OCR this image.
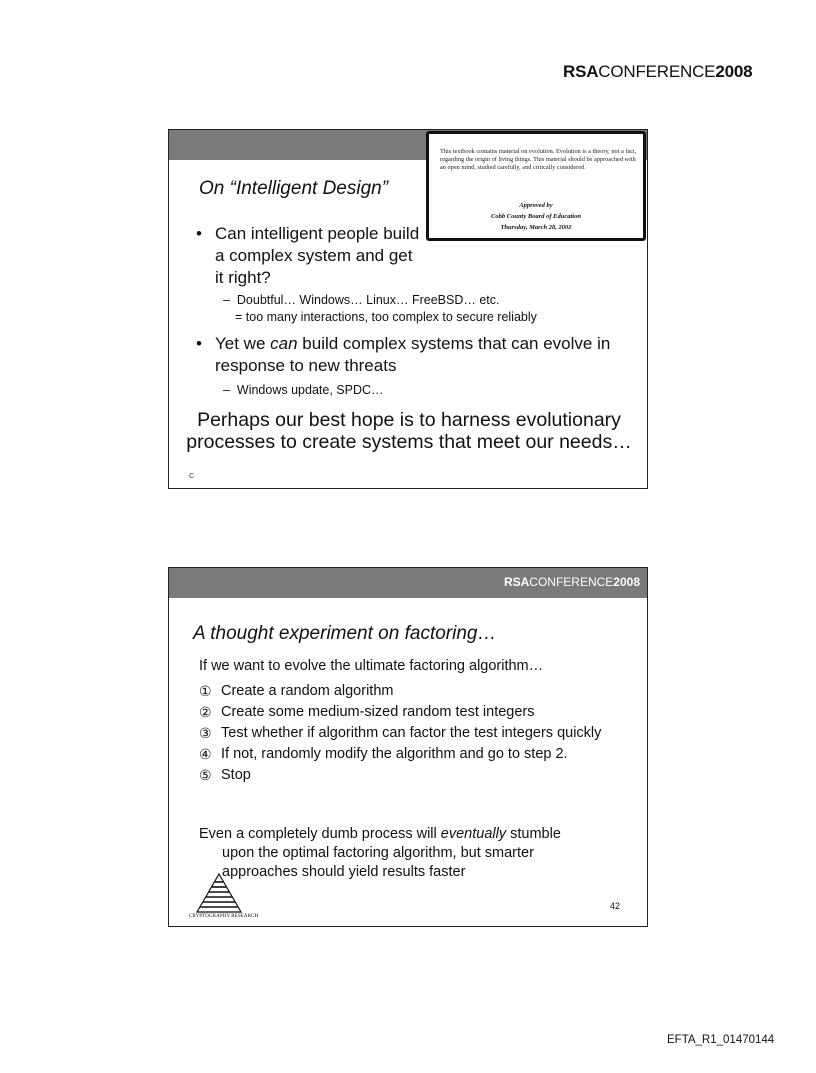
RSACONFERENCE2008
This textbook contains material on evolution. Evolution is a theory, not a fact, regarding the origin of living things. This material should be approached with an open mind, studied carefully, and critically considered.
Approved by
Cobb County Board of Education
Thursday, March 28, 2002
On “Intelligent Design”
• Can intelligent people build a complex system and get it right?
– Doubtful… Windows… Linux… FreeBSD… etc.
= too many interactions, too complex to secure reliably
• Yet we can build complex systems that can evolve in response to new threats
– Windows update, SPDC…
Perhaps our best hope is to harness evolutionary processes to create systems that meet our needs…
C  
RSACONFERENCE2008
A thought experiment on factoring…
If we want to evolve the ultimate factoring algorithm…
① Create a random algorithm
② Create some medium-sized random test integers
③ Test whether if algorithm can factor the test integers quickly
④ If not, randomly modify the algorithm and go to step 2.
⑤ Stop
Even a completely dumb process will eventually stumble
upon the optimal factoring algorithm, but smarter
approaches should yield results faster
CRYPTOGRAPHY RESEARCH
42
EFTA_R1_01470144
